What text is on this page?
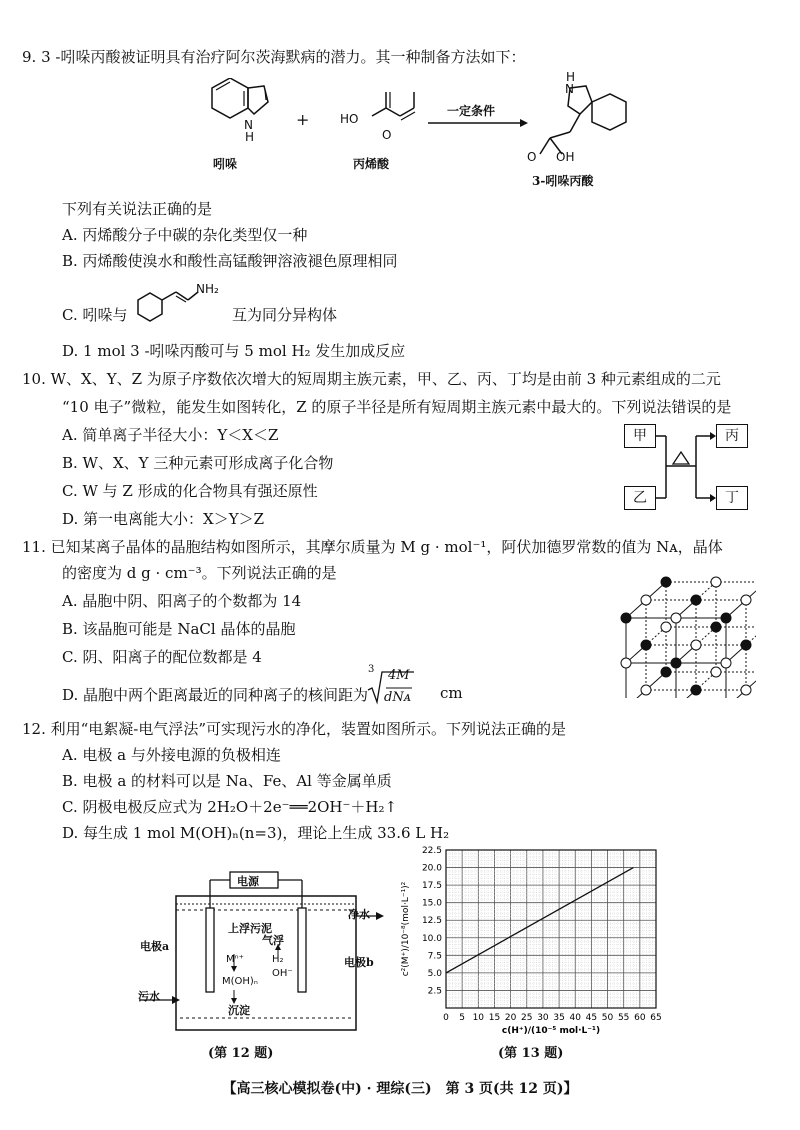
9. 3 -吲哚丙酸被证明具有治疗阿尔茨海默病的潜力。其一种制备方法如下：
N
H
吲哚
+	HO
O
丙烯酸
一定条件
H
N
O OH
3-吲哚丙酸
下列有关说法正确的是
A. 丙烯酸分子中碳的杂化类型仅一种
B. 丙烯酸使溴水和酸性高锰酸钾溶液褪色原理相同
C. 吲哚与
NH₂
互为同分异构体
D. 1 mol 3 -吲哚丙酸可与 5 mol H₂ 发生加成反应
10. W、X、Y、Z 为原子序数依次增大的短周期主族元素，甲、乙、丙、丁均是由前 3 种元素组成的二元
“10 电子”微粒，能发生如图转化，Z 的原子半径是所有短周期主族元素中最大的。下列说法错误的是
A. 简单离子半径大小：Y＜X＜Z
B. W、X、Y 三种元素可形成离子化合物
C. W 与 Z 形成的化合物具有强还原性
D. 第一电离能大小：X＞Y＞Z
甲
乙
丙
丁
11. 已知某离子晶体的晶胞结构如图所示，其摩尔质量为 M g · mol⁻¹，阿伏加德罗常数的值为 Nᴀ，晶体
的密度为 d g · cm⁻³。下列说法正确的是
A. 晶胞中阴、阳离子的个数都为 14
B. 该晶胞可能是 NaCl 晶体的晶胞
C. 阴、阳离子的配位数都是 4
D. 晶胞中两个距离最近的同种离子的核间距为
3 4M
dNᴀ cm
12. 利用“电絮凝-电气浮法”可实现污水的净化，装置如图所示。下列说法正确的是
A. 电极 a 与外接电源的负极相连
B. 电极 a 的材料可以是 Na、Fe、Al 等金属单质
C. 阴极电极反应式为 2H₂O＋2e⁻══2OH⁻＋H₂↑
D. 每生成 1 mol M(OH)ₙ(n=3)，理论上生成 33.6 L H₂
电源
上浮污泥
气浮
电极a
电极b
净水
污水
Mⁿ⁺
M(OH)ₙ
H₂
OH⁻
沉淀
(第 12 题)
0 5 10 15 20 25 30 35 40 45 50 55 60 65
2.5
5.0
7.5
10.0
12.5
15.0
17.5
20.0
22.5
c²(M⁺)/10⁻⁸(mol·L⁻¹)²
c(H⁺)/(10⁻⁵ mol·L⁻¹)
(第 13 题)
【高三核心模拟卷(中) · 理综(三)　第 3 页(共 12 页)】
